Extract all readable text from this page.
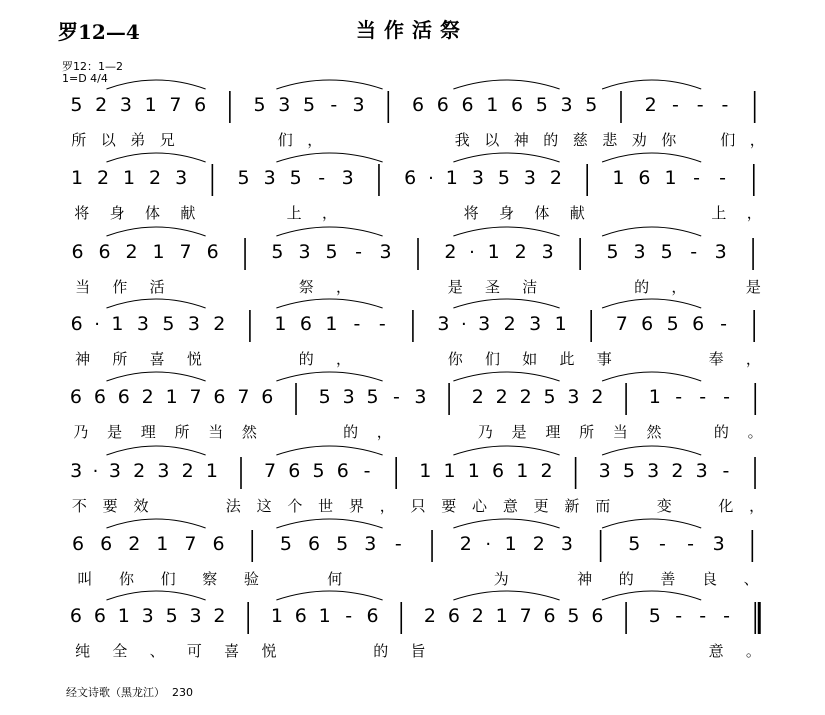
罗12—4	当作活祭
罗12：1—2
1=D 4/4
5 2 3 1 7 6 5 3 5 - 3 6 6 6 1 6 5 3 5 2 - - -
所 以 弟 兄	们 ，	我 以 神 的 慈 悲 劝 你	们 ，
1 2 1 2 3	5 3 5 - 3	6 · 1 3 5 3 2	1 6 1 - -
将 身 体 献	上 ，	将 身 体 献	上 ，
6 6 2 1 7 6	5 3 5 - 3	2 · 1 2 3	5 3 5 - 3
当 作 活	祭 ，	是 圣 洁	的 ，	是
6 · 1 3 5 3 2	1 6 1 - -	3 · 3 2 3 1	7 6 5 6 -
神 所 喜 悦	的 ，	你 们 如 此 事	奉 ，
6 6 6 2 1 7 6 7 6 5 3 5 - 3 2 2 2 5 3 2 1 - - -
乃 是 理 所 当 然	的 ，	乃 是 理 所 当 然	的 。
3 · 3 2 3 2 1 7 6 5 6 -	1 1 1 6 1 2 3 5 3 2 3 -
不 要 效	法 这 个 世 界 ， 只 要 心 意 更 新 而	变	化 ，
6 6 2 1 7 6	5 6 5 3 -	2 · 1 2 3	5 - - 3
叫 你 们 察 验	何	为	神 的 善 良 、
6 6 1 3 5 3 2 1 6 1 - 6 2 6 2 1 7 6 5 6 5 - - -
纯 全 、 可 喜 悦	的 旨	意 。
经文诗歌（黑龙江） 230
